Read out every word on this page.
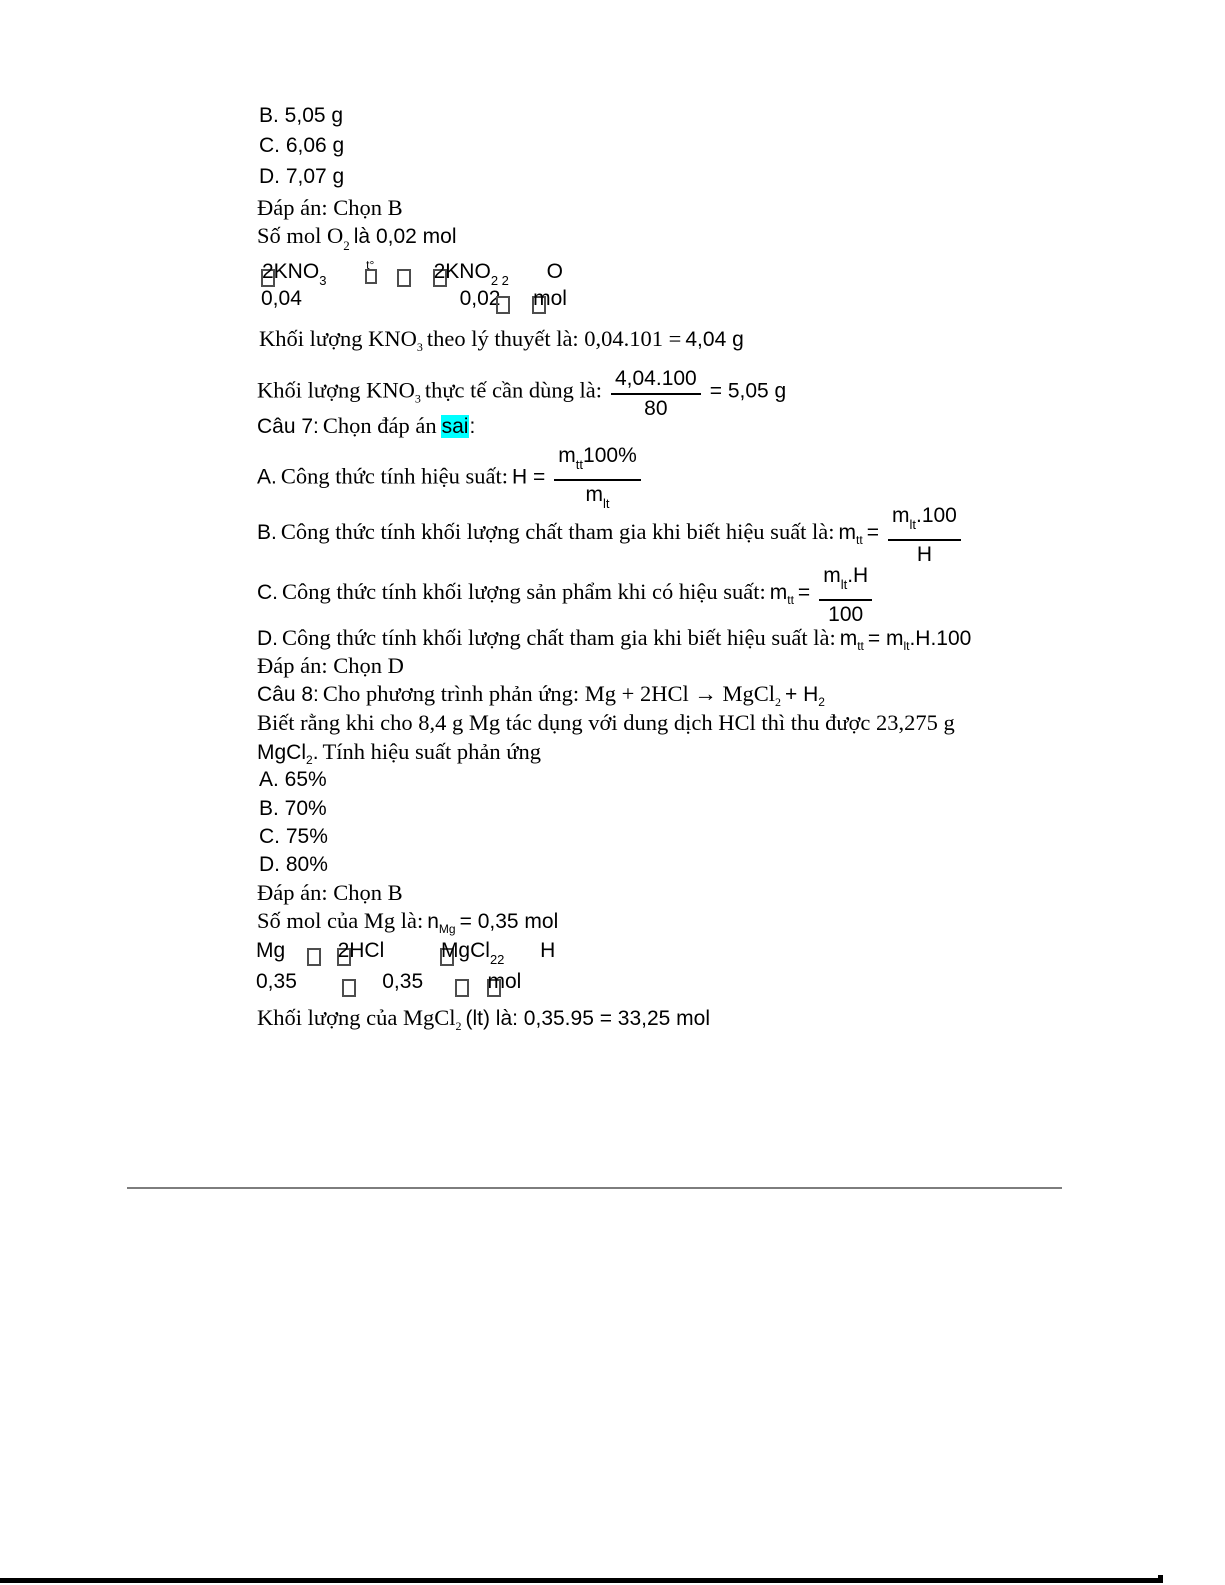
B. 5,05 g
C. 6,06 g
D. 7,07 g
Đáp án: Chọn B
Số mol $O_2$ là 0,02 mol
$2KNO_3$  $^{t^\circ}$	$2KNO_{2 2}$ O
0,04	0,02 mol
Khối lượng $KNO_3$ theo lý thuyết là: 0,04.101 = 4,04 g
Khối lượng $KNO_3$ thực tế cần dùng là: $\frac{4,04.100}{80} = 5,05$ g
Câu 7: Chọn đáp án sai:
A. Công thức tính hiệu suất: $H = \frac{m_{tt}100\%}{m_{lt}}$
B. Công thức tính khối lượng chất tham gia khi biết hiệu suất là: $m_{tt} = \frac{m_{lt}.100}{H}$
C. Công thức tính khối lượng sản phẩm khi có hiệu suất: $m_{tt} = \frac{m_{lt}.H}{100}$
D. Công thức tính khối lượng chất tham gia khi biết hiệu suất là: $m_{tt} = m_{lt}.H.100$
Đáp án: Chọn D
Câu 8: Cho phương trình phản ứng: Mg + 2HCl → MgCl$_2$ + $H_2$
Biết rằng khi cho 8,4 g Mg tác dụng với dung dịch HCl thì thu được 23,275 g
MgCl$_2$. Tính hiệu suất phản ứng
A. 65%
B. 70%
C. 75%
D. 80%
Đáp án: Chọn B
Số mol của Mg là: $n_{Mg} = 0,35$ mol
Mg 2HCl	MgCl$_{22}$ H
0,35	0,35	mol
Khối lượng của MgCl$_2$ (lt) là: 0,35.95 = 33,25 mol
